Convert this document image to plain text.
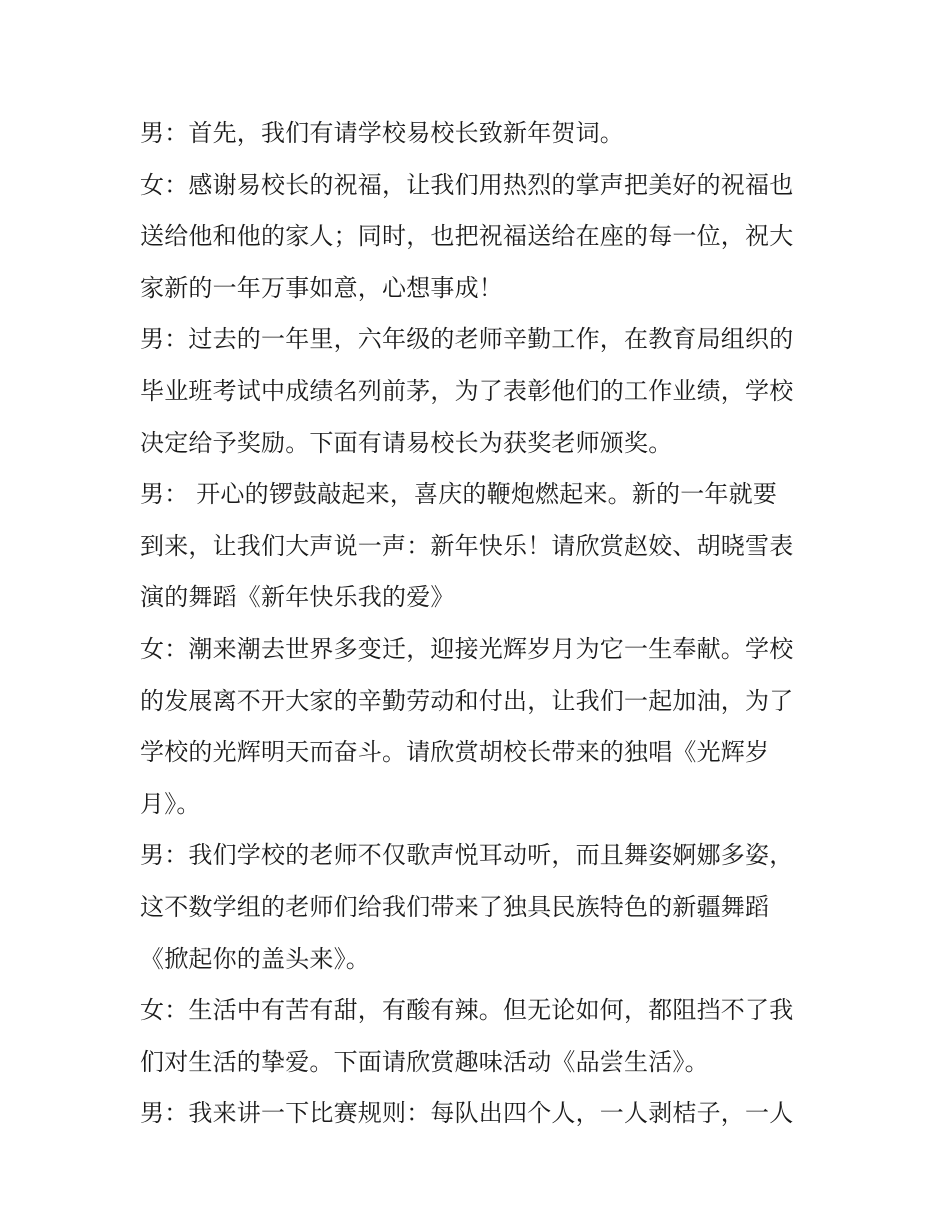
男：首先，我们有请学校易校长致新年贺词。
女：感谢易校长的祝福，让我们用热烈的掌声把美好的祝福也
送给他和他的家人；同时，也把祝福送给在座的每一位，祝大
家新的一年万事如意，心想事成！
男：过去的一年里，六年级的老师辛勤工作，在教育局组织的
毕业班考试中成绩名列前茅，为了表彰他们的工作业绩，学校
决定给予奖励。下面有请易校长为获奖老师颁奖。
男： 开心的锣鼓敲起来，喜庆的鞭炮燃起来。新的一年就要
到来，让我们大声说一声：新年快乐！请欣赏赵姣、胡晓雪表
演的舞蹈《新年快乐我的爱》
女：潮来潮去世界多变迁，迎接光辉岁月为它一生奉献。学校
的发展离不开大家的辛勤劳动和付出，让我们一起加油，为了
学校的光辉明天而奋斗。请欣赏胡校长带来的独唱《光辉岁
月》。
男：我们学校的老师不仅歌声悦耳动听，而且舞姿婀娜多姿，
这不数学组的老师们给我们带来了独具民族特色的新疆舞蹈
《掀起你的盖头来》。
女：生活中有苦有甜，有酸有辣。但无论如何，都阻挡不了我
们对生活的挚爱。下面请欣赏趣味活动《品尝生活》。
男：我来讲一下比赛规则：每队出四个人，一人剥桔子，一人
